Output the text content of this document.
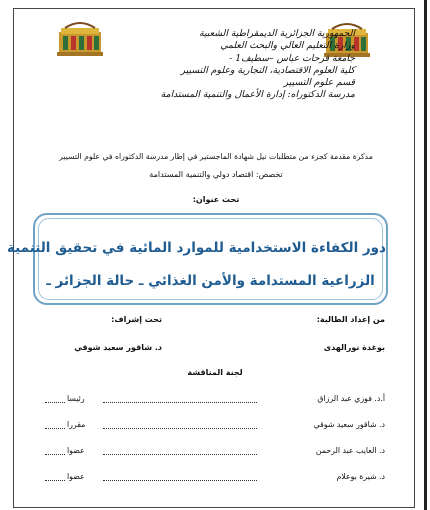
الجمهورية الجزائرية الديمقراطية الشعبية
وزارة التعليم العالي والبحث العلمي
جامعة فرحات عباس –سطيف1 -
كلية العلوم الاقتصادية، التجارية وعلوم التسيير
قسم علوم التسيير
مدرسة الدكتوراه: إدارة الأعمال والتنمية المستدامة
مذكرة مقدمة كجزء من متطلبات نيل شهادة الماجستير في إطار مدرسة الدكتوراه في علوم التسيير
تخصص: اقتصاد دولي والتنمية المستدامة
تحت عنوان:
دور الكفاءة الاستخدامية للموارد المائية في تحقيق التنمية
الزراعية المستدامة والأمن الغذائي ـ حالة الجزائر ـ
من إعداد الطالبة:
تحت إشراف:
بوغدة نورالهدى
د. شاقور سعيد شوقي
لجنة المناقشة
أ.د. فوزي عبد الرزاق
رئيسا
د. شاقور سعيد شوقي
مقررا
د. العايب عبد الرحمن
عضوا
د. شيرة بوعلام
عضوا
